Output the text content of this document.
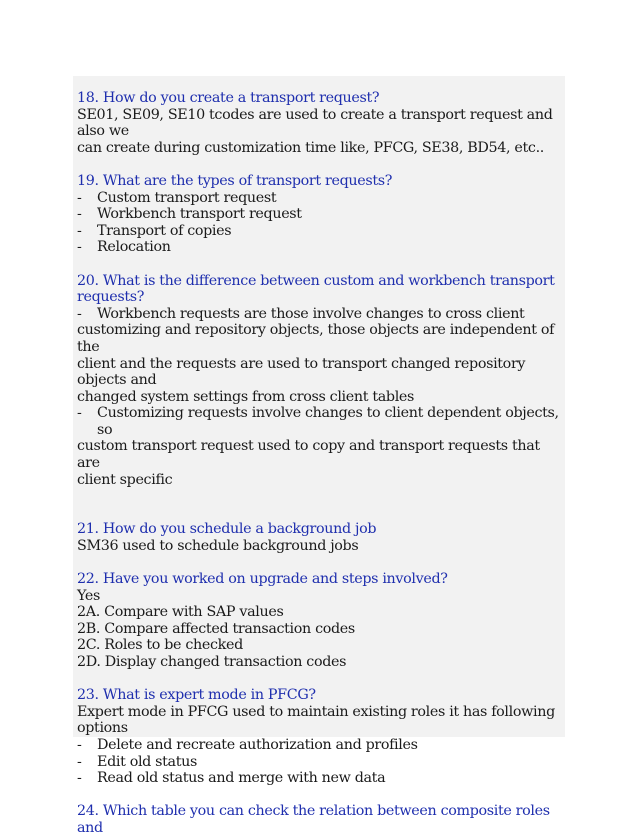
18. How do you create a transport request?

SE01, SE09, SE10 tcodes are used to create a transport request and also we

can create during customization time like, PFCG, SE38, BD54, etc..

19. What are the types of transport requests?

-	Custom transport request
-	Workbench transport request
-	Transport of copies
-	Relocation

20. What is the difference between custom and workbench transport

requests?

-	Workbench requests are those involve changes to cross client

customizing and repository objects, those objects are independent of the

client and the requests are used to transport changed repository objects and

changed system settings from cross client tables

-	Customizing requests involve changes to client dependent objects, so

custom transport request used to copy and transport requests that are

client specific

21. How do you schedule a background job

SM36 used to schedule background jobs

22. Have you worked on upgrade and steps involved?

Yes

2A. Compare with SAP values

2B. Compare affected transaction codes

2C. Roles to be checked

2D. Display changed transaction codes

23. What is expert mode in PFCG?

Expert mode in PFCG used to maintain existing roles it has following

options

-	Delete and recreate authorization and profiles
-	Edit old status
-	Read old status and merge with new data

24. Which table you can check the relation between composite roles and
